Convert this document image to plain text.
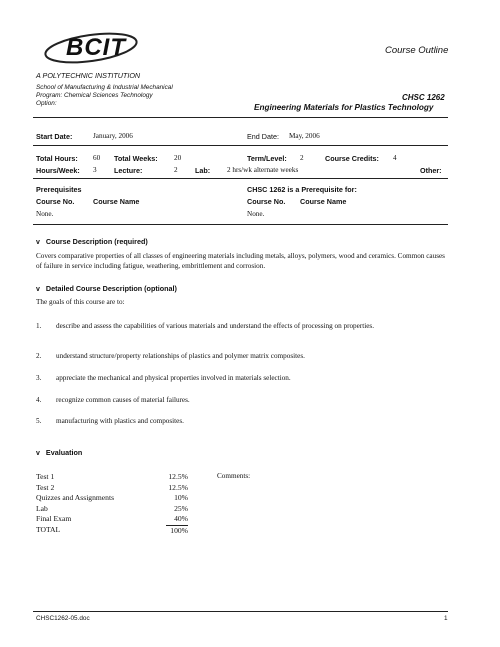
BCIT
A POLYTECHNIC INSTITUTION
Course Outline
School of Manufacturing & Industrial Mechanical
Program: Chemical Sciences Technology
Option:
CHSC 1262
Engineering Materials for Plastics Technology
Start Date:	January, 2006	End Date: May, 2006
Total Hours: 60 Total Weeks: 20	Term/Level: 2	Course Credits: 4
Hours/Week: 3 Lecture:	2 Lab: 2 hrs/wk alternate weeks	Other:
Prerequisites
Course No.	Course Name
None.
CHSC 1262 is a Prerequisite for:
Course No. Course Name
None.
v Course Description (required)
Covers comparative properties of all classes of engineering materials including metals, alloys, polymers, wood and ceramics. Common causes of failure in service including fatigue, weathering, embrittlement and corrosion.
v Detailed Course Description (optional)
The goals of this course are to:
1. describe and assess the capabilities of various materials and understand the effects of processing on properties.
2. understand structure/property relationships of plastics and polymer matrix composites.
3. appreciate the mechanical and physical properties involved in materials selection.
4. recognize common causes of material failures.
5. manufacturing with plastics and composites.
v Evaluation
Test 1	12.5%
Test 2	12.5%
Quizzes and Assignments	10%
Lab	25%
Final Exam	40%
TOTAL	100%
Comments:
CHSC1262-05.doc	1
